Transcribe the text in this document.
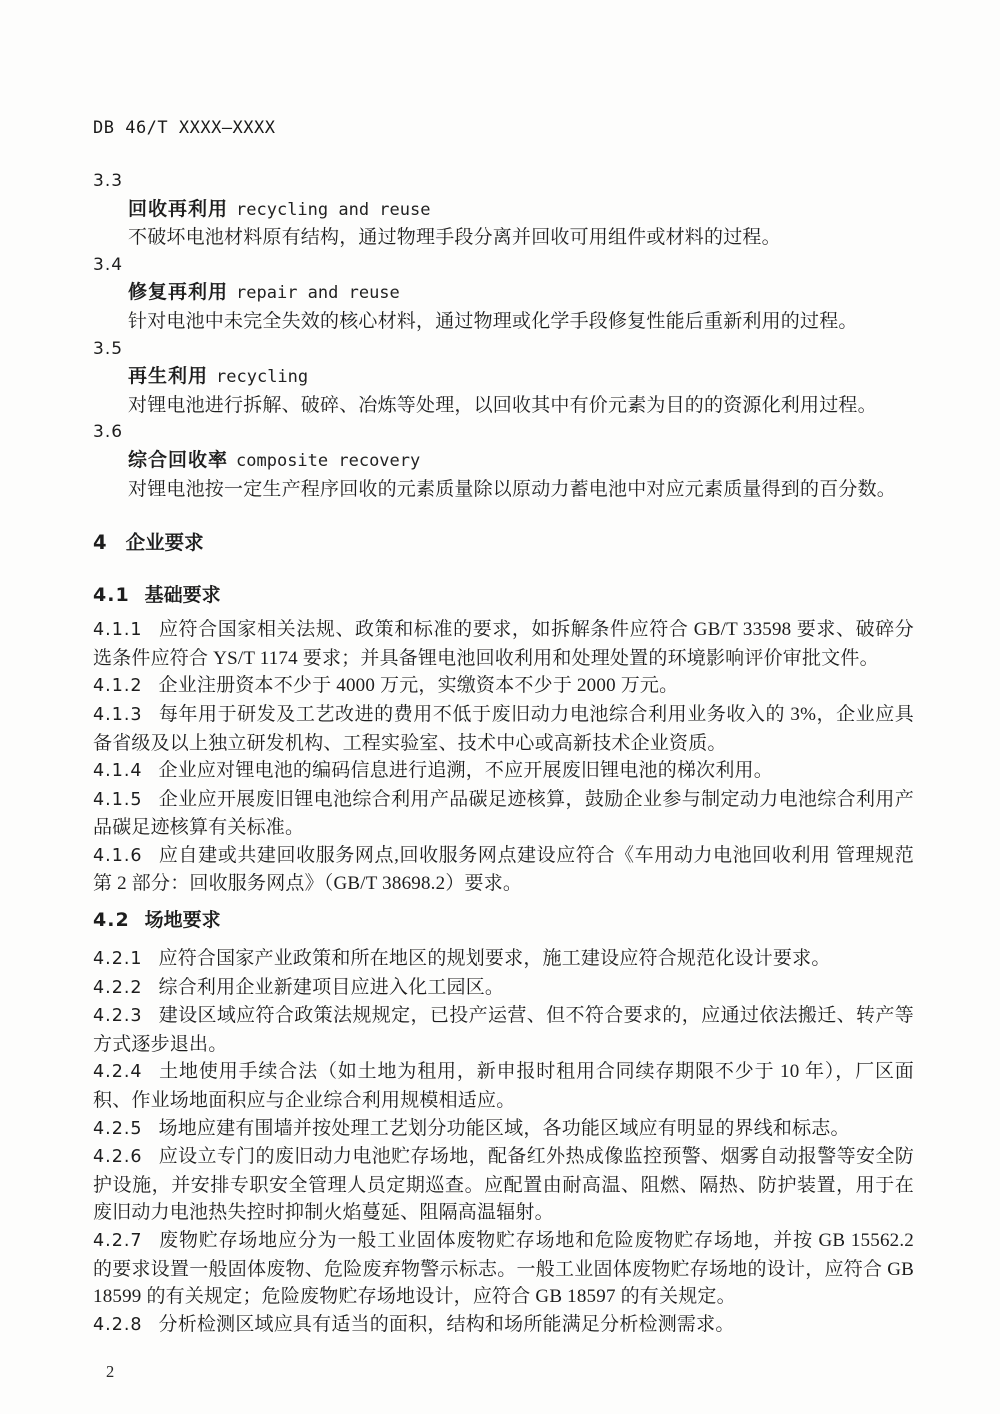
DB 46/T XXXX—XXXX

3.3

回收再利用 recycling and reuse

不破坏电池材料原有结构，通过物理手段分离并回收可用组件或材料的过程。

3.4

修复再利用 repair and reuse

针对电池中未完全失效的核心材料，通过物理或化学手段修复性能后重新利用的过程。

3.5

再生利用 recycling

对锂电池进行拆解、破碎、冶炼等处理，以回收其中有价元素为目的的资源化利用过程。

3.6

综合回收率 composite recovery

对锂电池按一定生产程序回收的元素质量除以原动力蓄电池中对应元素质量得到的百分数。

4 企业要求
4.1 基础要求

4.1.1 应符合国家相关法规、政策和标准的要求，如拆解条件应符合 GB/T 33598 要求、破碎分选条件应符合 YS/T 1174 要求；并具备锂电池回收利用和处理处置的环境影响评价审批文件。

4.1.2 企业注册资本不少于 4000 万元，实缴资本不少于 2000 万元。

4.1.3 每年用于研发及工艺改进的费用不低于废旧动力电池综合利用业务收入的 3%，企业应具备省级及以上独立研发机构、工程实验室、技术中心或高新技术企业资质。

4.1.4 企业应对锂电池的编码信息进行追溯，不应开展废旧锂电池的梯次利用。

4.1.5 企业应开展废旧锂电池综合利用产品碳足迹核算，鼓励企业参与制定动力电池综合利用产品碳足迹核算有关标准。

4.1.6 应自建或共建回收服务网点,回收服务网点建设应符合《车用动力电池回收利用 管理规范 第 2 部分：回收服务网点》（GB/T 38698.2）要求。

4.2 场地要求

4.2.1 应符合国家产业政策和所在地区的规划要求，施工建设应符合规范化设计要求。

4.2.2 综合利用企业新建项目应进入化工园区。

4.2.3 建设区域应符合政策法规规定，已投产运营、但不符合要求的，应通过依法搬迁、转产等方式逐步退出。

4.2.4 土地使用手续合法（如土地为租用，新申报时租用合同续存期限不少于 10 年），厂区面积、作业场地面积应与企业综合利用规模相适应。

4.2.5 场地应建有围墙并按处理工艺划分功能区域，各功能区域应有明显的界线和标志。

4.2.6 应设立专门的废旧动力电池贮存场地，配备红外热成像监控预警、烟雾自动报警等安全防护设施，并安排专职安全管理人员定期巡查。应配置由耐高温、阻燃、隔热、防护装置，用于在废旧动力电池热失控时抑制火焰蔓延、阻隔高温辐射。

4.2.7 废物贮存场地应分为一般工业固体废物贮存场地和危险废物贮存场地，并按 GB 15562.2 的要求设置一般固体废物、危险废弃物警示标志。一般工业固体废物贮存场地的设计，应符合 GB 18599 的有关规定；危险废物贮存场地设计，应符合 GB 18597 的有关规定。

4.2.8 分析检测区域应具有适当的面积，结构和场所能满足分析检测需求。

2
